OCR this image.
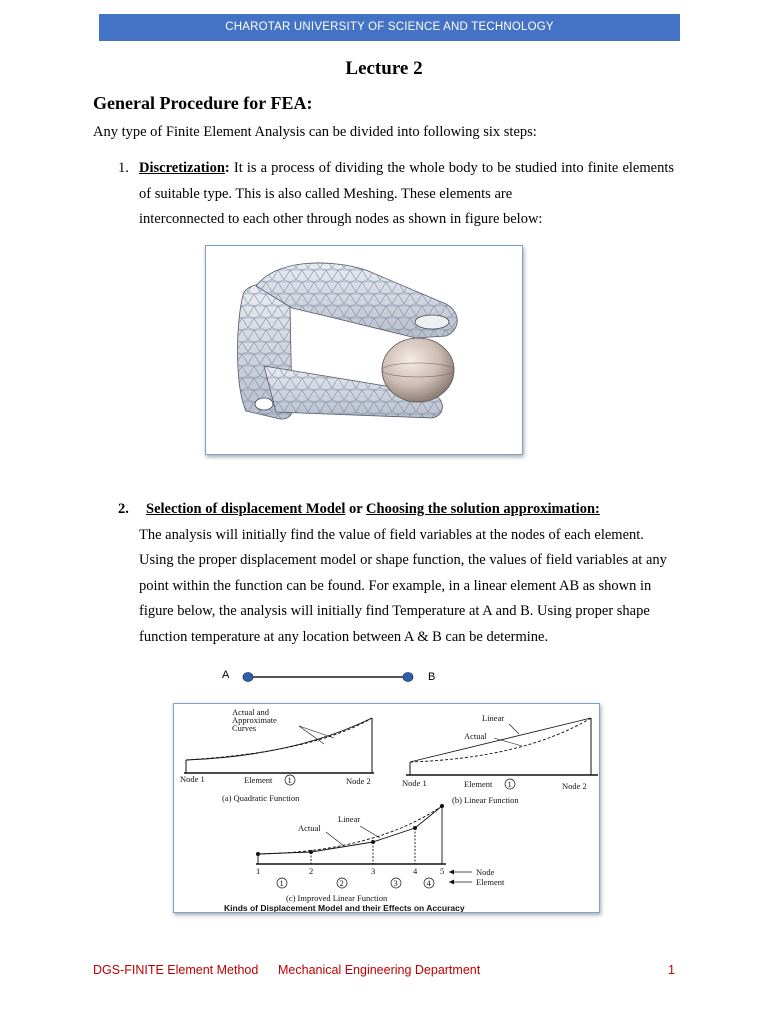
CHAROTAR UNIVERSITY OF SCIENCE AND TECHNOLOGY
Lecture 2
General Procedure for FEA:
Any type of Finite Element Analysis can be divided into following six steps:
1. Discretization: It is a process of dividing the whole body to be studied into finite elements of suitable type. This is also called Meshing. These elements are
interconnected to each other through nodes as shown in figure below:
2. Selection of displacement Model or Choosing the solution approximation:
The analysis will initially find the value of field variables at the nodes of each element. Using the proper displacement model or shape function, the values of field variables at any point within the function can be found. For example, in a linear element AB as shown in figure below, the analysis will initially find Temperature at A and B. Using proper shape function temperature at any location between A & B can be determine.
A	B
Actual and
Approximate
Curves
Node 1	Element 1	Node 2
(a) Quadratic Function
Linear
Actual
Node 1	Element 1	Node 2
(b) Linear Function
Linear
Actual
1	2	3	4	5
1	2	3	4
Node
Element
(c) Improved Linear Function
Kinds of Displacement Model and their Effects on Accuracy
DGS-FINITE Element Method Mechanical Engineering Department	1
